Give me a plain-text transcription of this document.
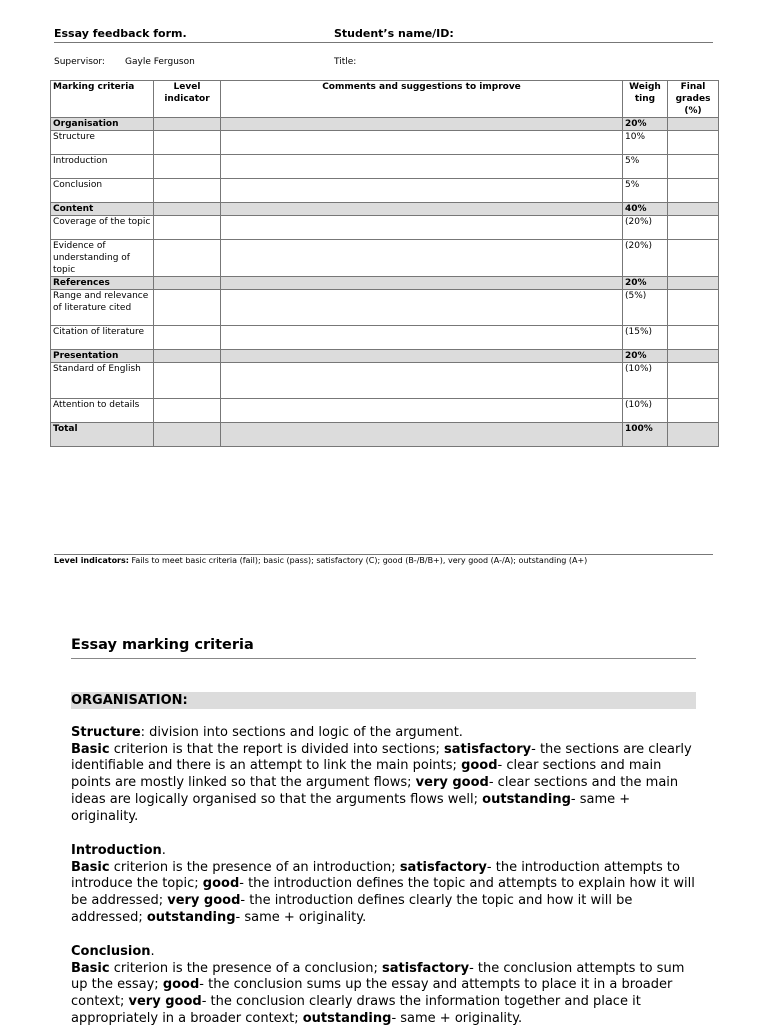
Essay feedback form.	Student’s name/ID:
Supervisor: Gayle Ferguson	Title:
Marking criteria	Level indicator	Comments and suggestions to improve	Weigh ting	Final grades (%)
Organisation			20%	
Structure			10%	
Introduction			5%	
Conclusion			5%	
Content			40%	
Coverage of the topic			(20%)	
Evidence of understanding of topic			(20%)	
References			20%	
Range and relevance of literature cited			(5%)	
Citation of literature			(15%)	
Presentation			20%	
Standard of English			(10%)	
Attention to details			(10%)	
Total			100%	
Level indicators: Fails to meet basic criteria (fail); basic (pass); satisfactory (C); good (B-/B/B+), very good (A-/A); outstanding (A+)
Essay marking criteria
ORGANISATION:
Structure: division into sections and logic of the argument.
Basic criterion is that the report is divided into sections; satisfactory- the sections are clearly identifiable and there is an attempt to link the main points; good- clear sections and main points are mostly linked so that the argument flows; very good- clear sections and the main ideas are logically organised so that the arguments flows well; outstanding- same + originality.
Introduction.
Basic criterion is the presence of an introduction; satisfactory- the introduction attempts to introduce the topic; good- the introduction defines the topic and attempts to explain how it will be addressed; very good- the introduction defines clearly the topic and how it will be addressed; outstanding- same + originality.
Conclusion.
Basic criterion is the presence of a conclusion; satisfactory- the conclusion attempts to sum up the essay; good- the conclusion sums up the essay and attempts to place it in a broader context; very good- the conclusion clearly draws the information together and place it appropriately in a broader context; outstanding- same + originality.
